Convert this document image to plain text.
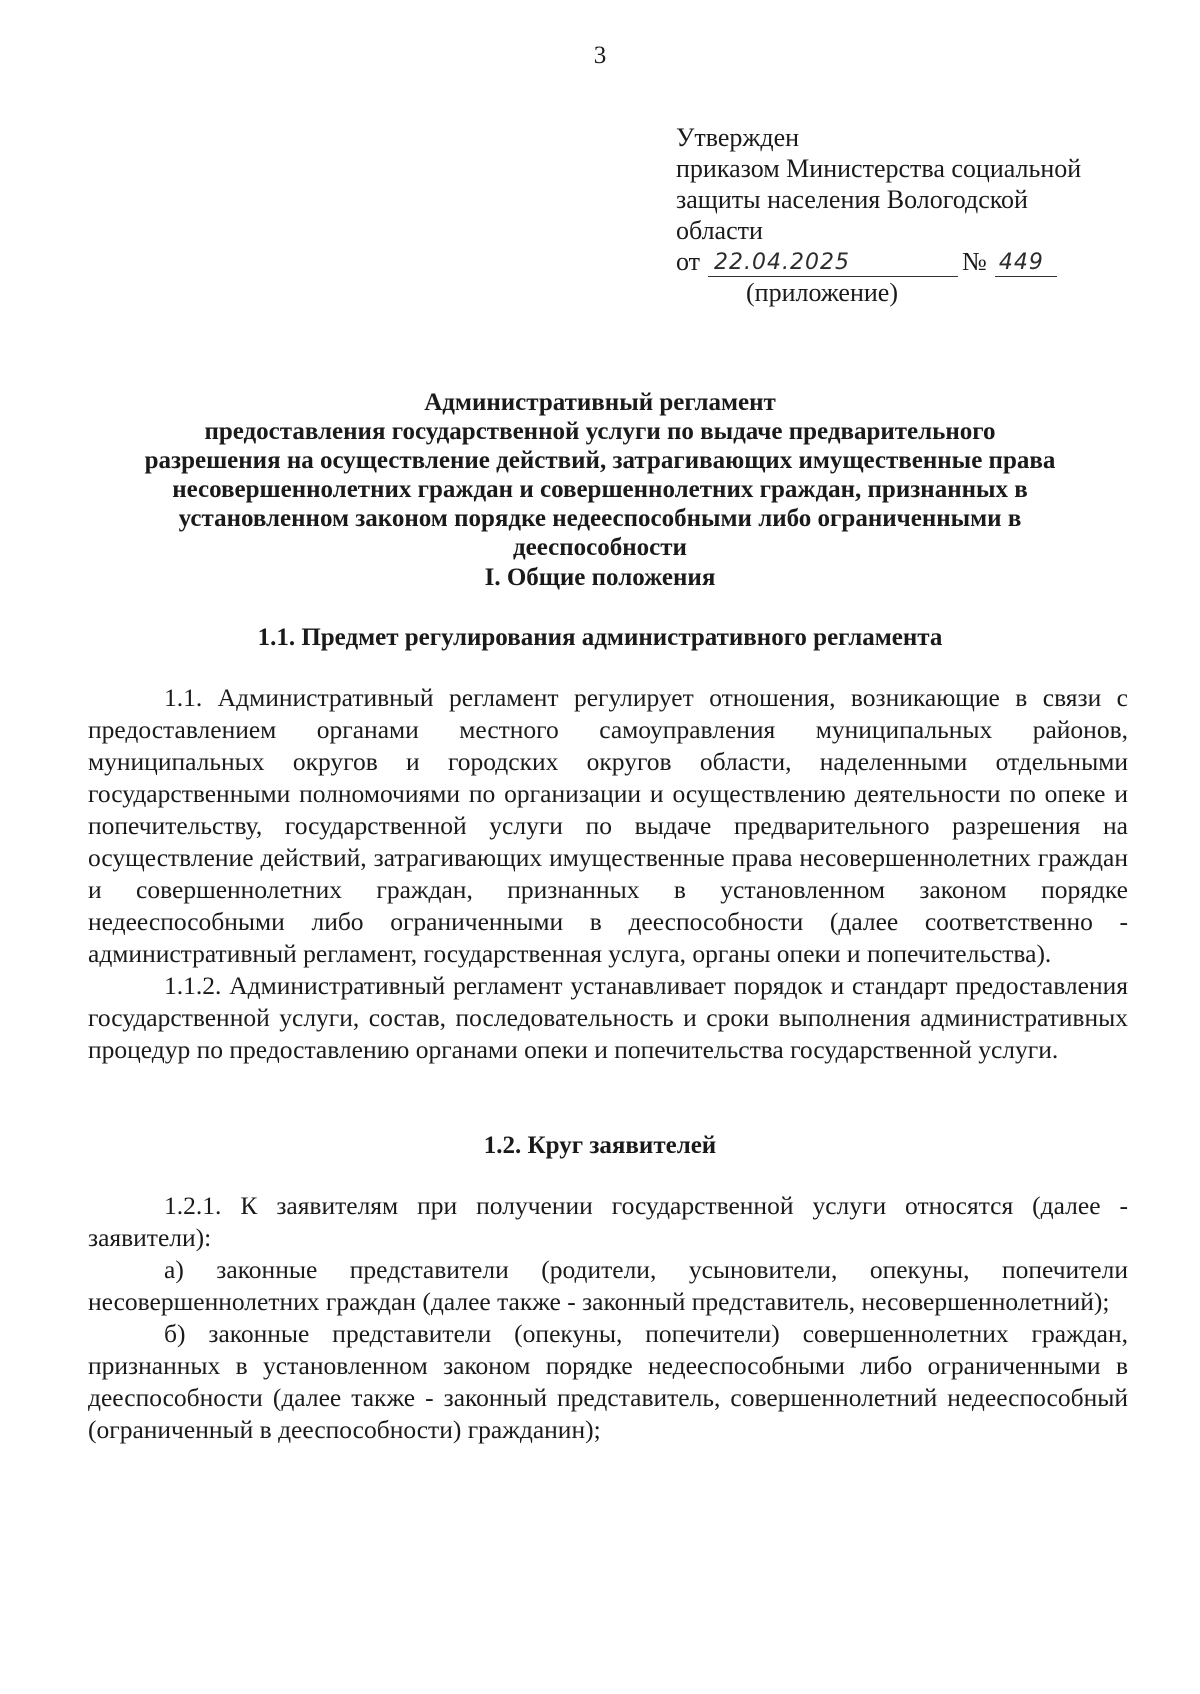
3
Утвержден
приказом Министерства социальной
защиты населения Вологодской
области
от 22.04.2025	№ 449
(приложение)
Административный регламент
предоставления государственной услуги по выдаче предварительного
разрешения на осуществление действий, затрагивающих имущественные права
несовершеннолетних граждан и совершеннолетних граждан, признанных в
установленном законом порядке недееспособными либо ограниченными в
дееспособности
I. Общие положения
1.1. Предмет регулирования административного регламента

1.1. Административный регламент регулирует отношения, возникающие в связи с предоставлением органами местного самоуправления муниципальных районов, муниципальных округов и городских округов области, наделенными отдельными государственными полномочиями по организации и осуществлению деятельности по опеке и попечительству, государственной услуги по выдаче предварительного разрешения на осуществление действий, затрагивающих имущественные права несовершеннолетних граждан и совершеннолетних граждан, признанных в установленном законом порядке недееспособными либо ограниченными в дееспособности (далее соответственно - административный регламент, государственная услуга, органы опеки и попечительства).

1.1.2. Административный регламент устанавливает порядок и стандарт предоставления государственной услуги, состав, последовательность и сроки выполнения административных процедур по предоставлению органами опеки и попечительства государственной услуги.

1.2. Круг заявителей

1.2.1. К заявителям при получении государственной услуги относятся (далее - заявители):

а) законные представители (родители, усыновители, опекуны, попечители несовершеннолетних граждан (далее также - законный представитель, несовершеннолетний);

б) законные представители (опекуны, попечители) совершеннолетних граждан, признанных в установленном законом порядке недееспособными либо ограниченными в дееспособности (далее также - законный представитель, совершеннолетний недееспособный (ограниченный в дееспособности) гражданин);
